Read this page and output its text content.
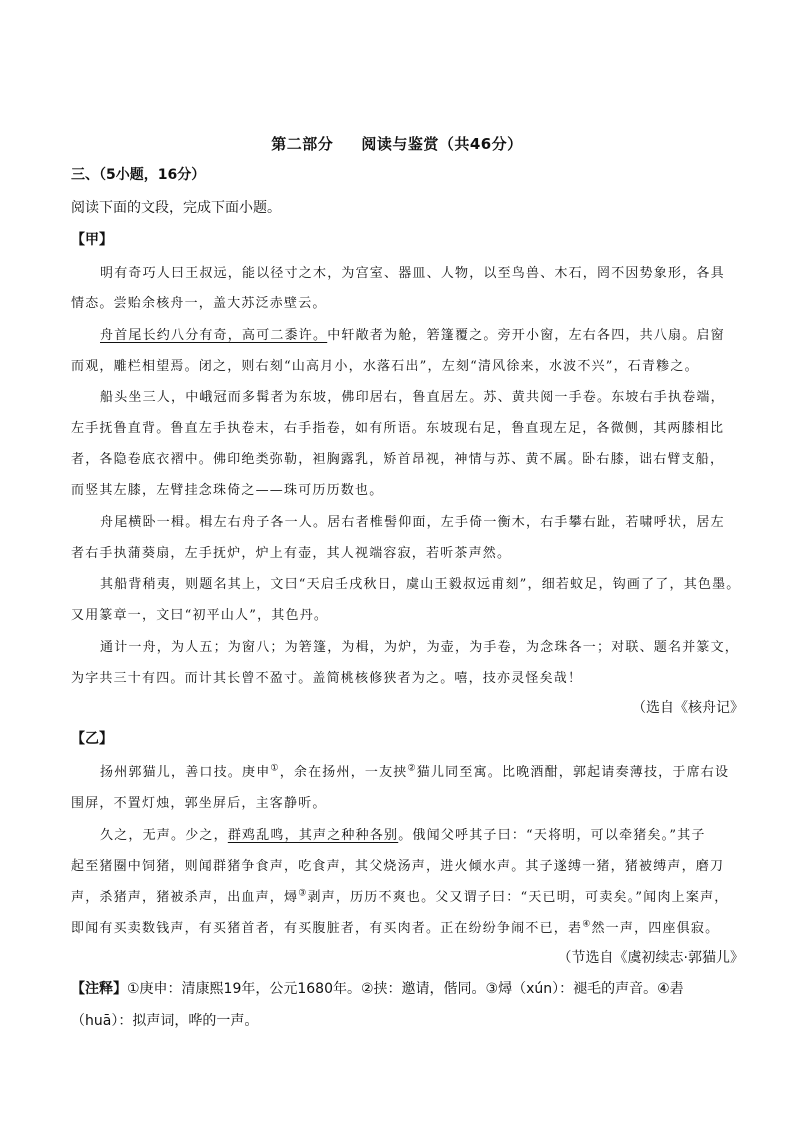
第二部分 阅读与鉴赏（共46分）
三、（5小题，16分）
阅读下面的文段，完成下面小题。
【甲】
明有奇巧人曰王叔远，能以径寸之木，为宫室、器皿、人物，以至鸟兽、木石，罔不因势象形，各具
情态。尝贻余核舟一，盖大苏泛赤壁云。
舟首尾长约八分有奇，高可二黍许。中轩敞者为舱，箬篷覆之。旁开小窗，左右各四，共八扇。启窗
而观，雕栏相望焉。闭之，则右刻“山高月小，水落石出”，左刻“清风徐来，水波不兴”，石青糁之。
船头坐三人，中峨冠而多髯者为东坡，佛印居右，鲁直居左。苏、黄共阅一手卷。东坡右手执卷端，
左手抚鲁直背。鲁直左手执卷末，右手指卷，如有所语。东坡现右足，鲁直现左足，各微侧，其两膝相比
者，各隐卷底衣褶中。佛印绝类弥勒，袒胸露乳，矫首昂视，神情与苏、黄不属。卧右膝，诎右臂支船，
而竖其左膝，左臂挂念珠倚之——珠可历历数也。
舟尾横卧一楫。楫左右舟子各一人。居右者椎髻仰面，左手倚一衡木，右手攀右趾，若啸呼状，居左
者右手执蒲葵扇，左手抚炉，炉上有壶，其人视端容寂，若听茶声然。
其船背稍夷，则题名其上，文曰“天启壬戌秋日，虞山王毅叔远甫刻”，细若蚊足，钩画了了，其色墨。
又用篆章一，文曰“初平山人”，其色丹。
通计一舟，为人五；为窗八；为箬篷，为楫，为炉，为壶，为手卷，为念珠各一；对联、题名并篆文，
为字共三十有四。而计其长曾不盈寸。盖简桃核修狭者为之。嘻，技亦灵怪矣哉！
（选自《核舟记》
【乙】
扬州郭猫儿，善口技。庚申①，余在扬州，一友挟②猫儿同至寓。比晚酒酣，郭起请奏薄技，于席右设
围屏，不置灯烛，郭坐屏后，主客静听。
久之，无声。少之，群鸡乱鸣，其声之种种各别。俄闻父呼其子曰：“天将明，可以牵猪矣。”其子
起至猪圈中饲猪，则闻群猪争食声，吃食声，其父烧汤声，进火倾水声。其子遂缚一猪，猪被缚声，磨刀
声，杀猪声，猪被杀声，出血声，燖③剥声，历历不爽也。父又谓子曰：“天已明，可卖矣。”闻肉上案声，
即闻有买卖数钱声，有买猪首者，有买腹脏者，有买肉者。正在纷纷争闹不已，砉④然一声，四座俱寂。
（节选自《虞初续志·郭猫儿》
【注释】①庚申：清康熙19年，公元1680年。②挟：邀请，偕同。③燖（xún）：褪毛的声音。④砉
（huā）：拟声词，哗的一声。
